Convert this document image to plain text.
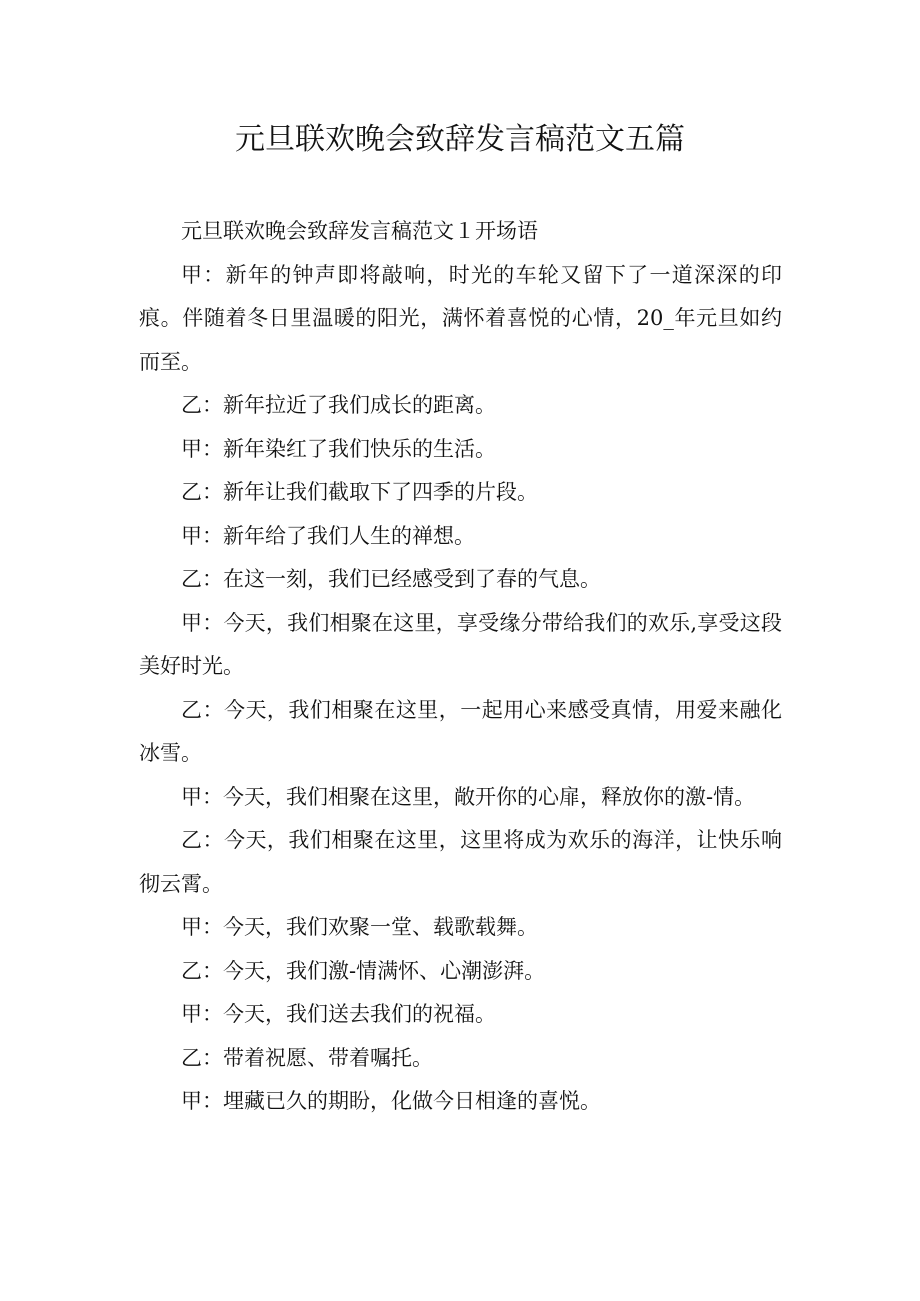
元旦联欢晚会致辞发言稿范文五篇

元旦联欢晚会致辞发言稿范文１开场语

甲：新年的钟声即将敲响，时光的车轮又留下了一道深深的印痕。伴随着冬日里温暖的阳光，满怀着喜悦的心情，20_年元旦如约而至。

乙：新年拉近了我们成长的距离。

甲：新年染红了我们快乐的生活。

乙：新年让我们截取下了四季的片段。

甲：新年给了我们人生的禅想。

乙：在这一刻，我们已经感受到了春的气息。

甲：今天，我们相聚在这里，享受缘分带给我们的欢乐,享受这段美好时光。

乙：今天，我们相聚在这里，一起用心来感受真情，用爱来融化冰雪。

甲：今天，我们相聚在这里，敞开你的心扉，释放你的激-情。

乙：今天，我们相聚在这里，这里将成为欢乐的海洋，让快乐响彻云霄。

甲：今天，我们欢聚一堂、载歌载舞。

乙：今天，我们激-情满怀、心潮澎湃。

甲：今天，我们送去我们的祝福。

乙：带着祝愿、带着嘱托。

甲：埋藏已久的期盼，化做今日相逢的喜悦。
